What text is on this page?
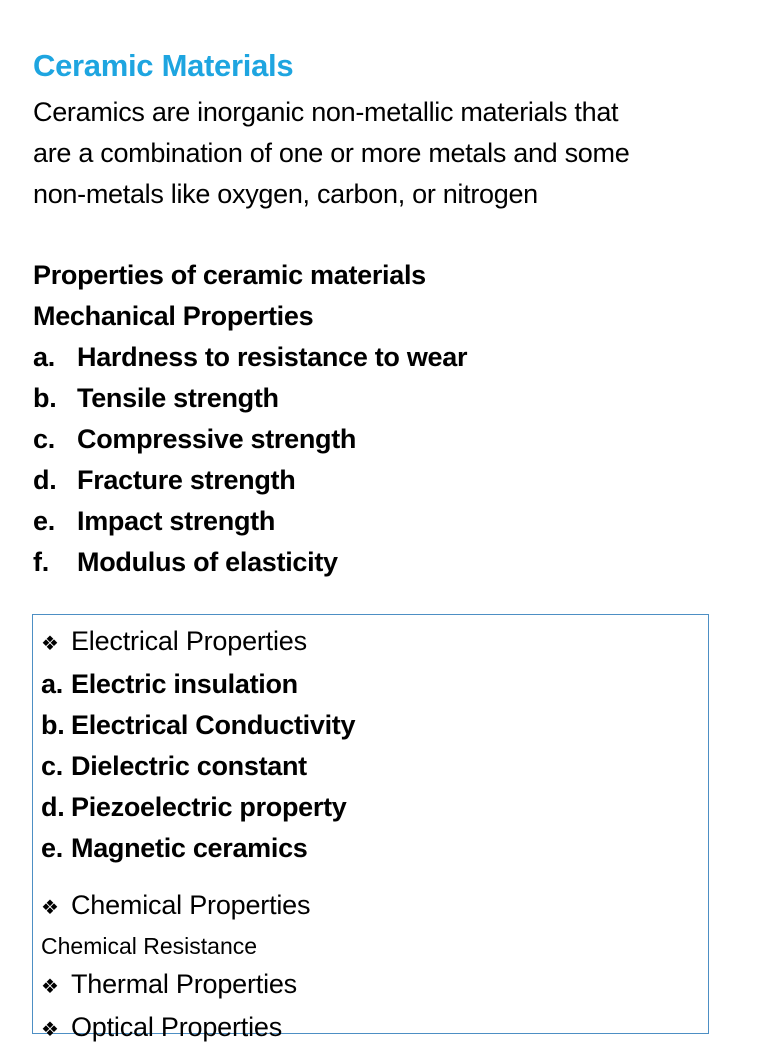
Ceramic Materials
Ceramics are inorganic non-metallic materials that
are a combination of one or more metals and some
non-metals like oxygen, carbon, or nitrogen
Properties of ceramic materials
Mechanical Properties
a. Hardness to resistance to wear
b. Tensile strength
c. Compressive strength
d. Fracture strength
e. Impact strength
f.	Modulus of elasticity
❖ Electrical Properties
a. Electric insulation
b. Electrical Conductivity
c. Dielectric constant
d. Piezoelectric property
e. Magnetic ceramics
❖ Chemical Properties
Chemical Resistance
❖ Thermal Properties
❖ Optical Properties
